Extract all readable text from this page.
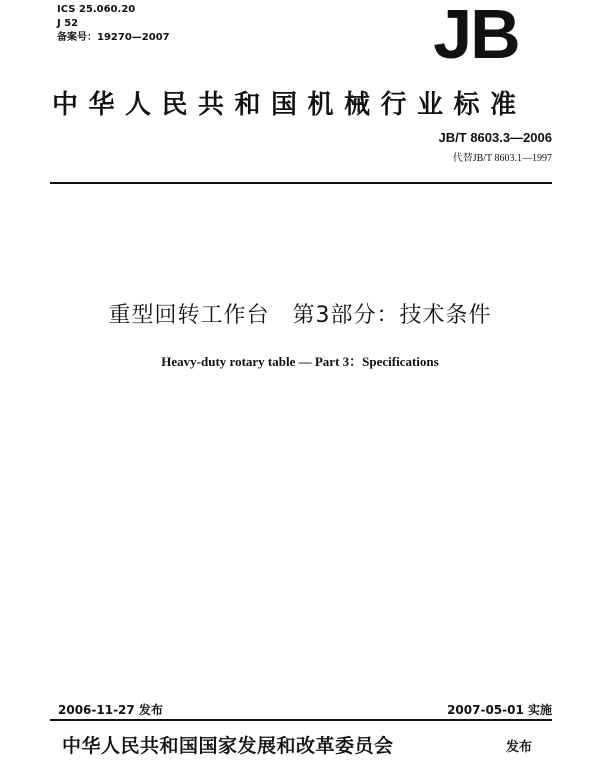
ICS 25.060.20
J 52
备案号：19270—2007	JB
中华人民共和国机械行业标准
JB/T 8603.3—2006
代替JB/T 8603.1—1997
重型回转工作台　第3部分：技术条件
Heavy-duty rotary table — Part 3：Specifications
2006-11-27 发布	2007-05-01 实施
中华人民共和国国家发展和改革委员会	发布
